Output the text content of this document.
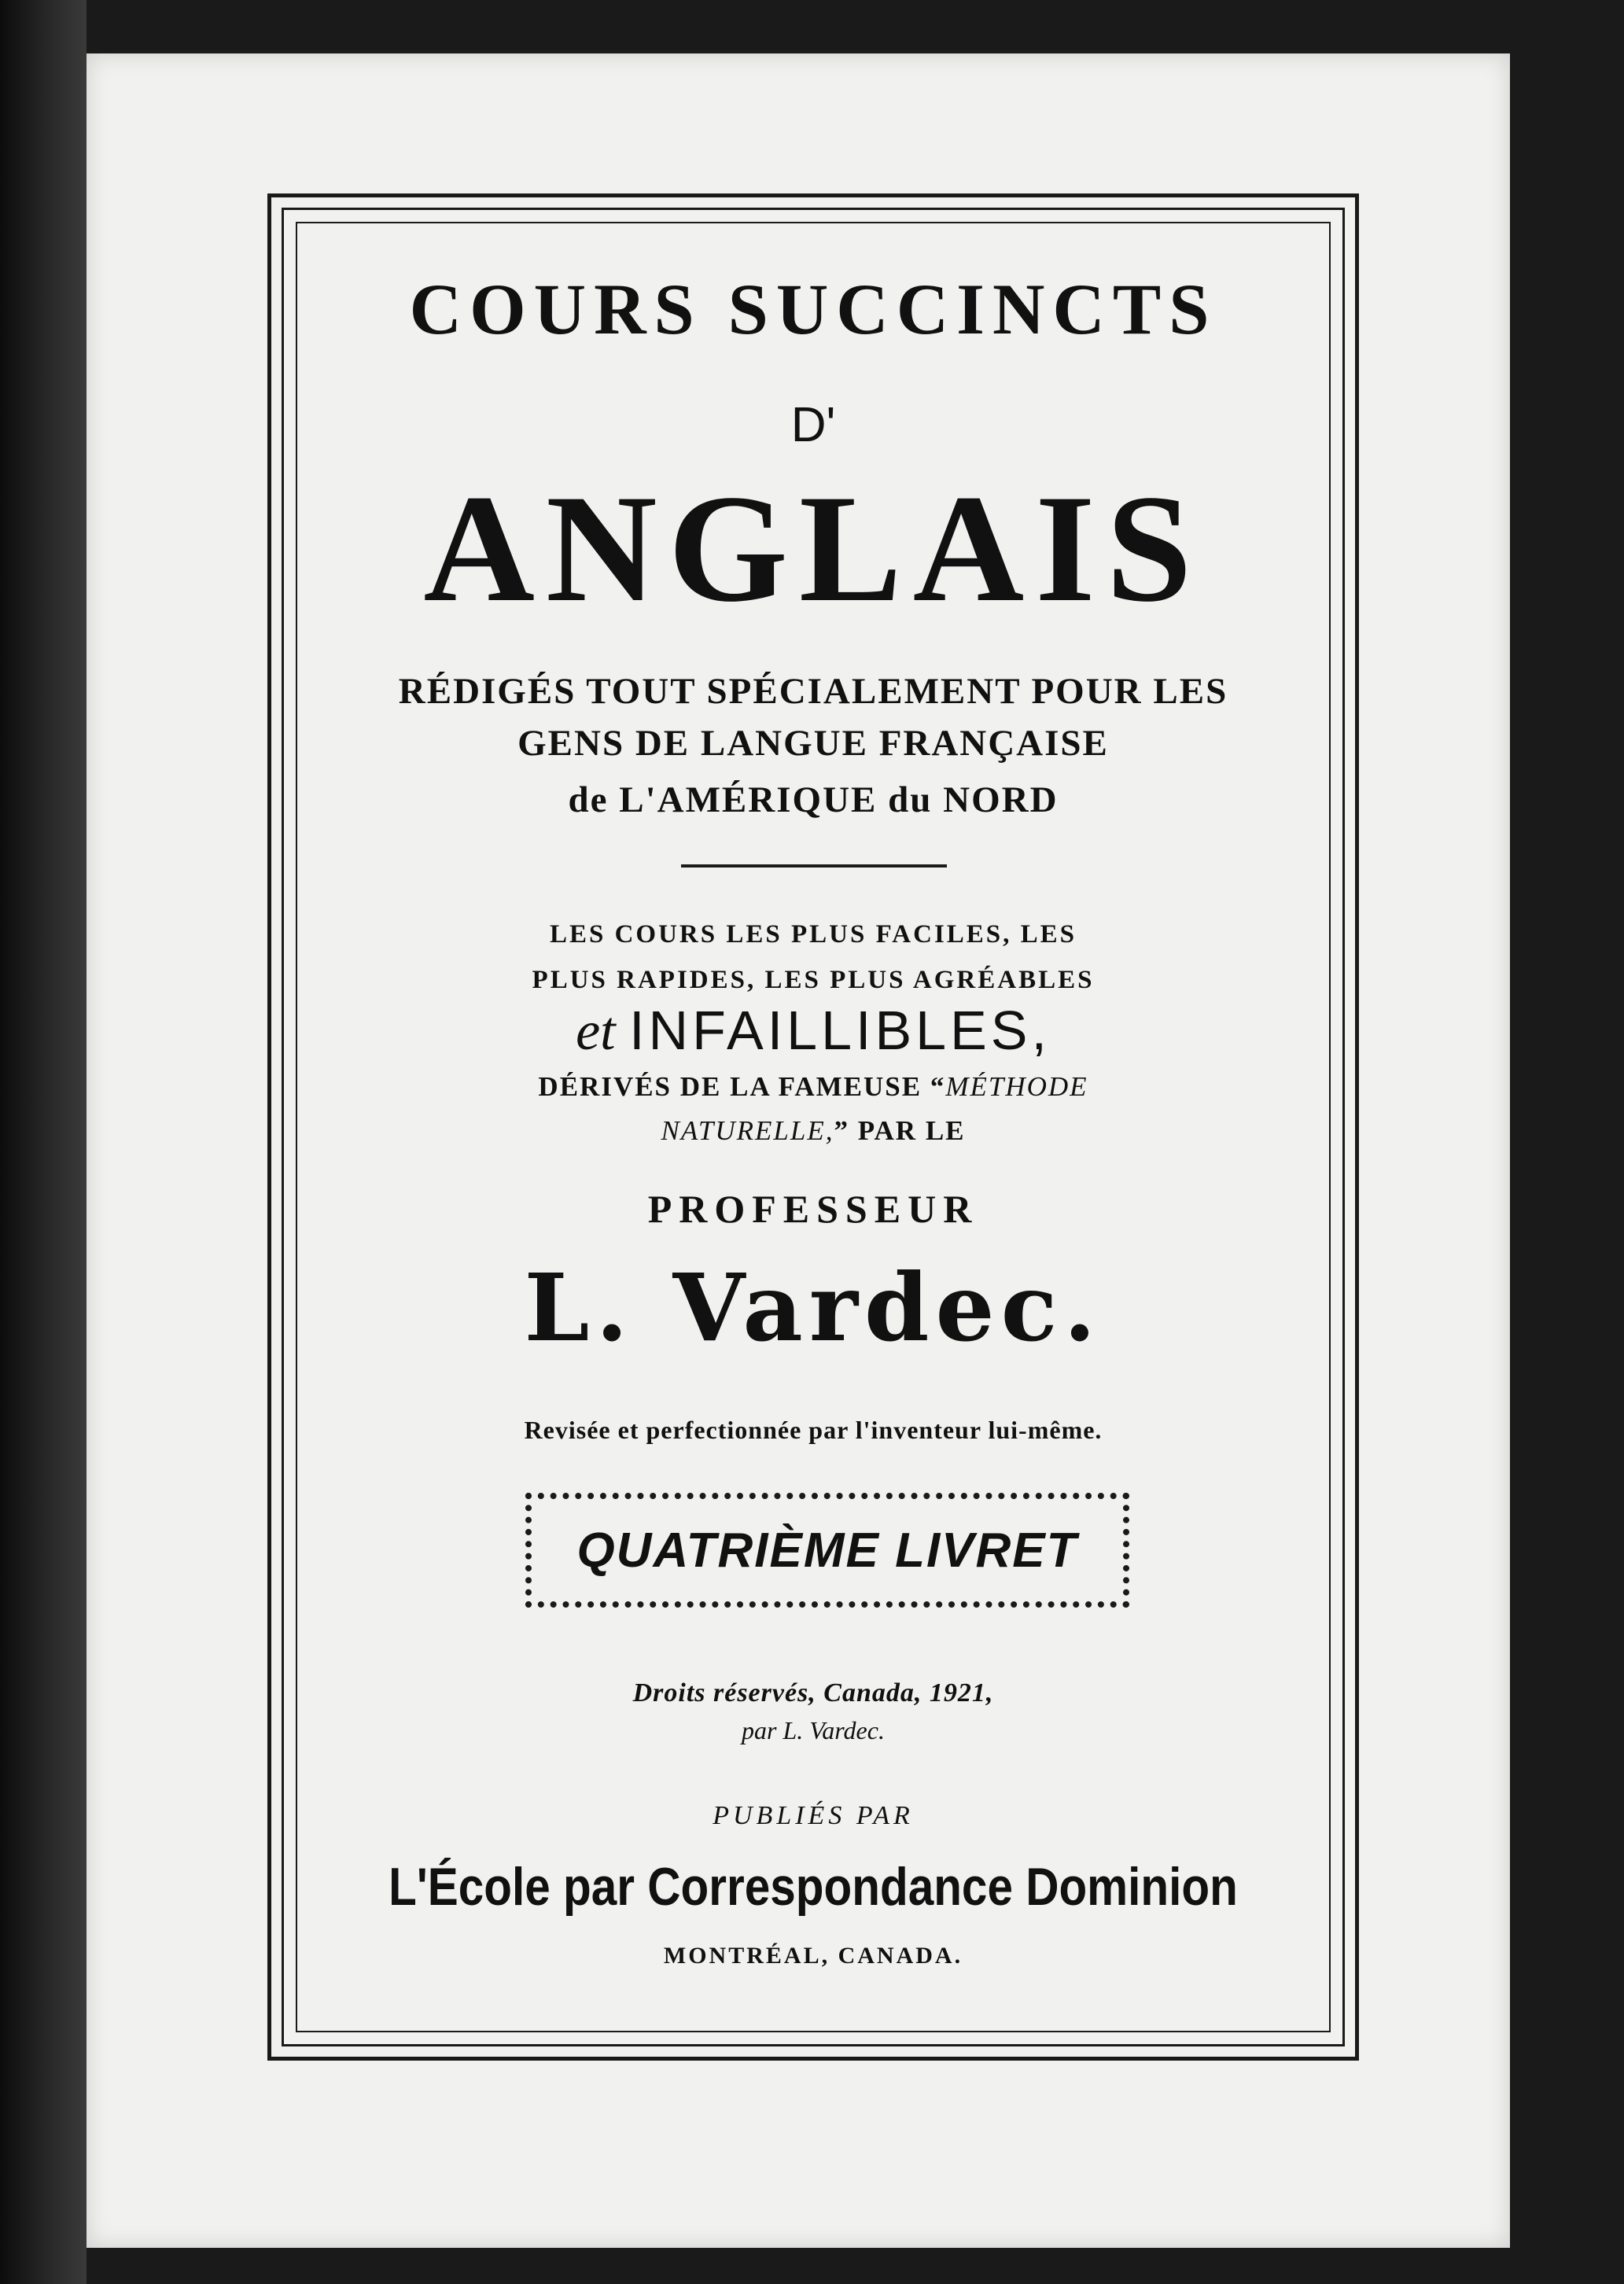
COURS SUCCINCTS
D'
ANGLAIS
RÉDIGÉS TOUT SPÉCIALEMENT POUR LES
GENS DE LANGUE FRANÇAISE
de L'AMÉRIQUE du NORD
LES COURS LES PLUS FACILES, LES
PLUS RAPIDES, LES PLUS AGRÉABLES
et INFAILLIBLES,
DÉRIVÉS DE LA FAMEUSE “MÉTHODE
NATURELLE,” PAR LE
PROFESSEUR
L. Vardec.
Revisée et perfectionnée par l'inventeur lui-même.
QUATRIÈME LIVRET
Droits réservés, Canada, 1921,
par L. Vardec.
PUBLIÉS PAR
L'École par Correspondance Dominion
MONTRÉAL, CANADA.
